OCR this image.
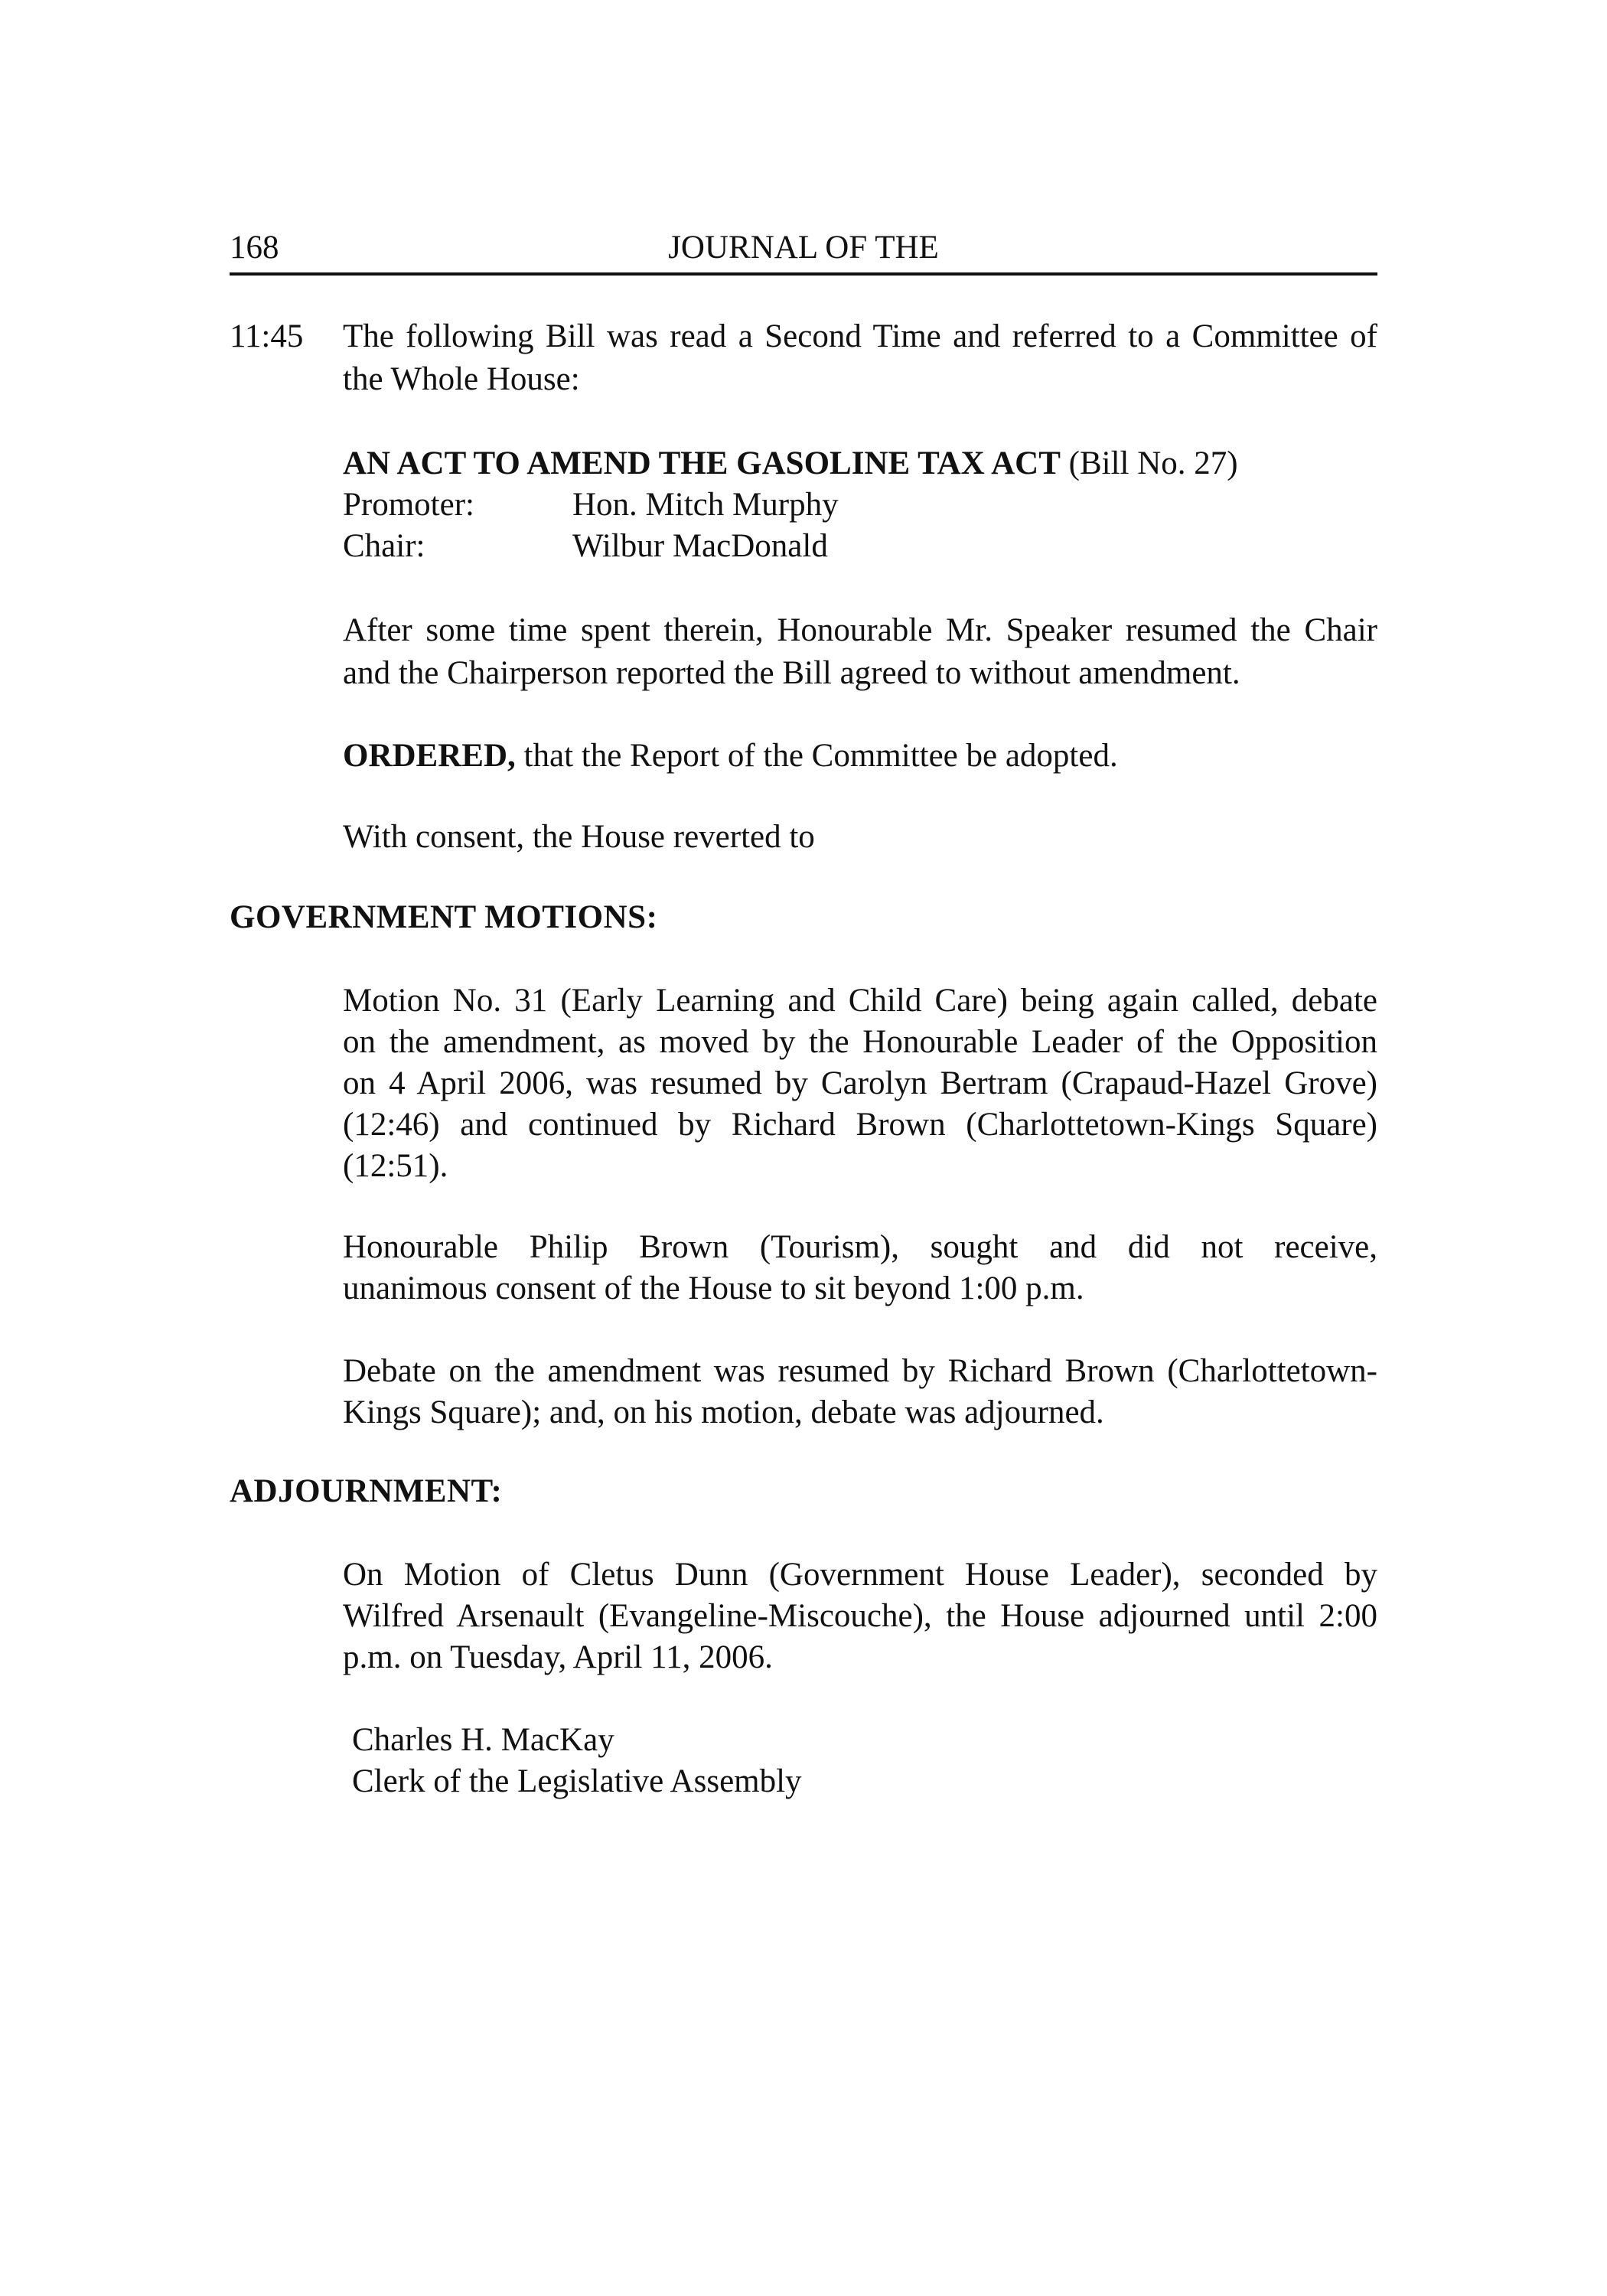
168	JOURNAL OF THE
11:45 The following Bill was read a Second Time and referred to a Committee of
the Whole House:
AN ACT TO AMEND THE GASOLINE TAX ACT (Bill No. 27)
Promoter:	Hon. Mitch Murphy
Chair:	Wilbur MacDonald
After some time spent therein, Honourable Mr. Speaker resumed the Chair
and the Chairperson reported the Bill agreed to without amendment.
ORDERED, that the Report of the Committee be adopted.
With consent, the House reverted to
GOVERNMENT MOTIONS:
Motion No. 31 (Early Learning and Child Care) being again called, debate
on the amendment, as moved by the Honourable Leader of the Opposition
on 4 April 2006, was resumed by Carolyn Bertram (Crapaud-Hazel Grove)
(12:46) and continued by Richard Brown (Charlottetown-Kings Square)
(12:51).
Honourable Philip Brown (Tourism), sought and did not receive,
unanimous consent of the House to sit beyond 1:00 p.m.
Debate on the amendment was resumed by Richard Brown (Charlottetown-
Kings Square); and, on his motion, debate was adjourned.
ADJOURNMENT:
On Motion of Cletus Dunn (Government House Leader), seconded by
Wilfred Arsenault (Evangeline-Miscouche), the House adjourned until 2:00
p.m. on Tuesday, April 11, 2006.
Charles H. MacKay
Clerk of the Legislative Assembly
